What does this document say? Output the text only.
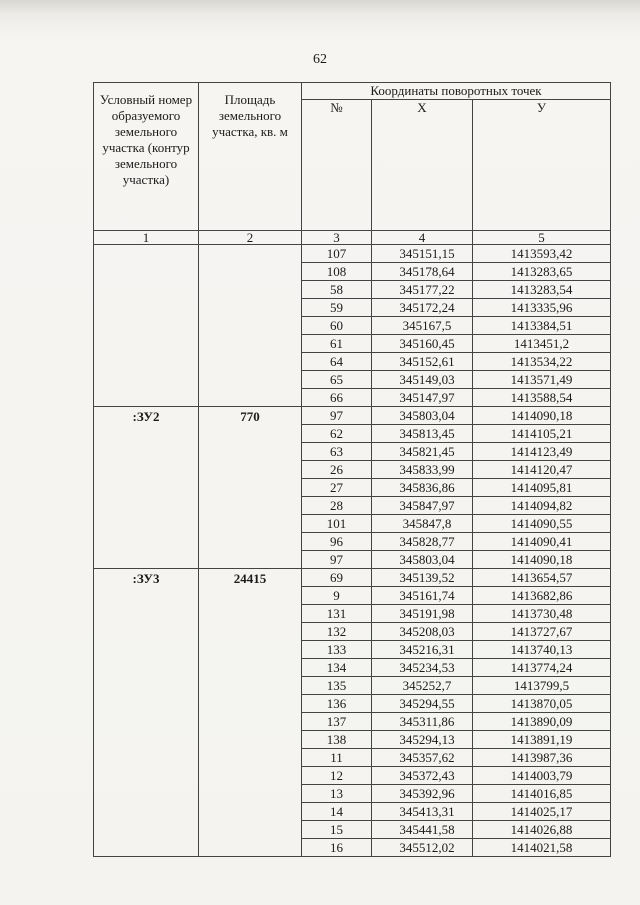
62
Условный номер образуемого земельного участка (контур земельного участка)	Площадь земельного участка, кв. м	Координаты поворотных точек		
		№	X	У
1	2	3	4	5
		107	345151,15	1413593,42
		108	345178,64	1413283,65
		58	345177,22	1413283,54
		59	345172,24	1413335,96
		60	345167,5	1413384,51
		61	345160,45	1413451,2
		64	345152,61	1413534,22
		65	345149,03	1413571,49
		66	345147,97	1413588,54
:ЗУ2	770	97	345803,04	1414090,18
		62	345813,45	1414105,21
		63	345821,45	1414123,49
		26	345833,99	1414120,47
		27	345836,86	1414095,81
		28	345847,97	1414094,82
		101	345847,8	1414090,55
		96	345828,77	1414090,41
		97	345803,04	1414090,18
:ЗУ3	24415	69	345139,52	1413654,57
		9	345161,74	1413682,86
		131	345191,98	1413730,48
		132	345208,03	1413727,67
		133	345216,31	1413740,13
		134	345234,53	1413774,24
		135	345252,7	1413799,5
		136	345294,55	1413870,05
		137	345311,86	1413890,09
		138	345294,13	1413891,19
		11	345357,62	1413987,36
		12	345372,43	1414003,79
		13	345392,96	1414016,85
		14	345413,31	1414025,17
		15	345441,58	1414026,88
		16	345512,02	1414021,58
